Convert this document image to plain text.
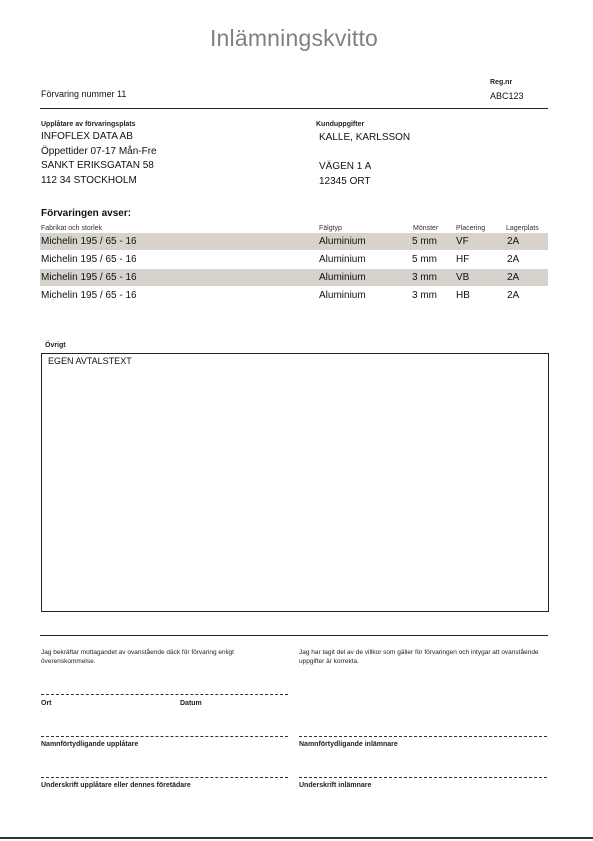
Inlämningskvitto
Förvaring nummer 11
Reg.nr
ABC123
Upplåtare av förvaringsplats
INFOFLEX DATA AB
Öppettider 07-17 Mån-Fre
SANKT ERIKSGATAN 58
112 34 STOCKHOLM
Kunduppgifter
KALLE, KARLSSON
VÄGEN 1 A
12345 ORT
Förvaringen avser:
Fabrikat och storlek	Fälgtyp	Mönster	Placering	Lagerplats
Michelin 195 / 65 - 16	Aluminium	5 mm VF	2A
Michelin 195 / 65 - 16	Aluminium	5 mm HF	2A
Michelin 195 / 65 - 16	Aluminium	3 mm VB	2A
Michelin 195 / 65 - 16	Aluminium	3 mm HB	2A
Övrigt
EGEN AVTALSTEXT
Jag bekräftar mottagandet av ovanstående däck för förvaring enligt överenskommelse.
Jag har tagit del av de villkor som gäller för förvaringen och intygar att ovanstående uppgifter är korrekta.
Ort	Datum
Namnförtydligande upplåtare	Namnförtydligande inlämnare
Underskrift upplåtare eller dennes företädare	Underskrift inlämnare
